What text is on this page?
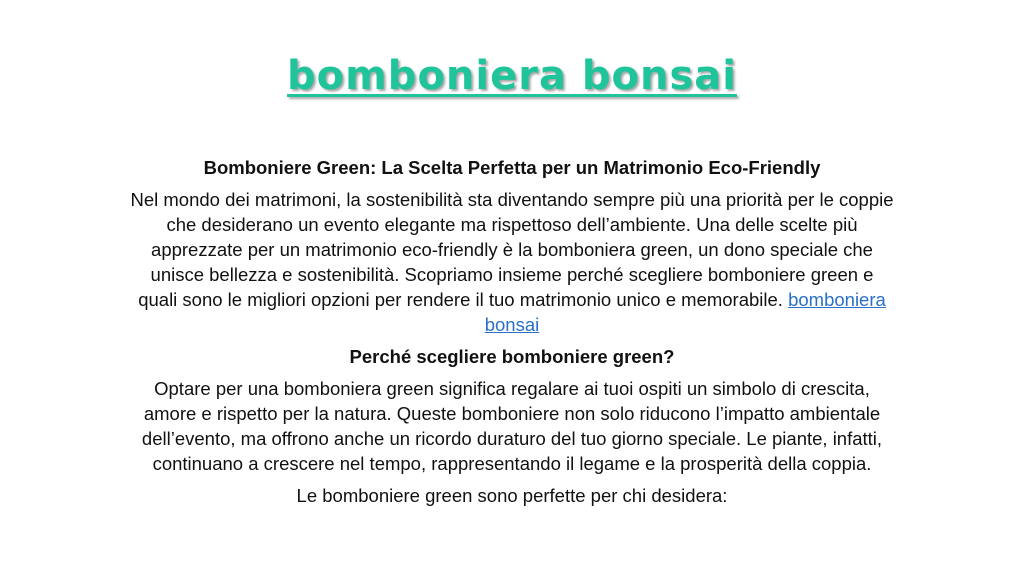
bomboniera bonsai

Bomboniere Green: La Scelta Perfetta per un Matrimonio Eco-Friendly

Nel mondo dei matrimoni, la sostenibilità sta diventando sempre più una priorità per le coppie che desiderano un evento elegante ma rispettoso dell’ambiente. Una delle scelte più apprezzate per un matrimonio eco-friendly è la bomboniera green, un dono speciale che unisce bellezza e sostenibilità. Scopriamo insieme perché scegliere bomboniere green e quali sono le migliori opzioni per rendere il tuo matrimonio unico e memorabile. bomboniera bonsai

Perché scegliere bomboniere green?

Optare per una bomboniera green significa regalare ai tuoi ospiti un simbolo di crescita, amore e rispetto per la natura. Queste bomboniere non solo riducono l’impatto ambientale dell’evento, ma offrono anche un ricordo duraturo del tuo giorno speciale. Le piante, infatti, continuano a crescere nel tempo, rappresentando il legame e la prosperità della coppia.

Le bomboniere green sono perfette per chi desidera:
